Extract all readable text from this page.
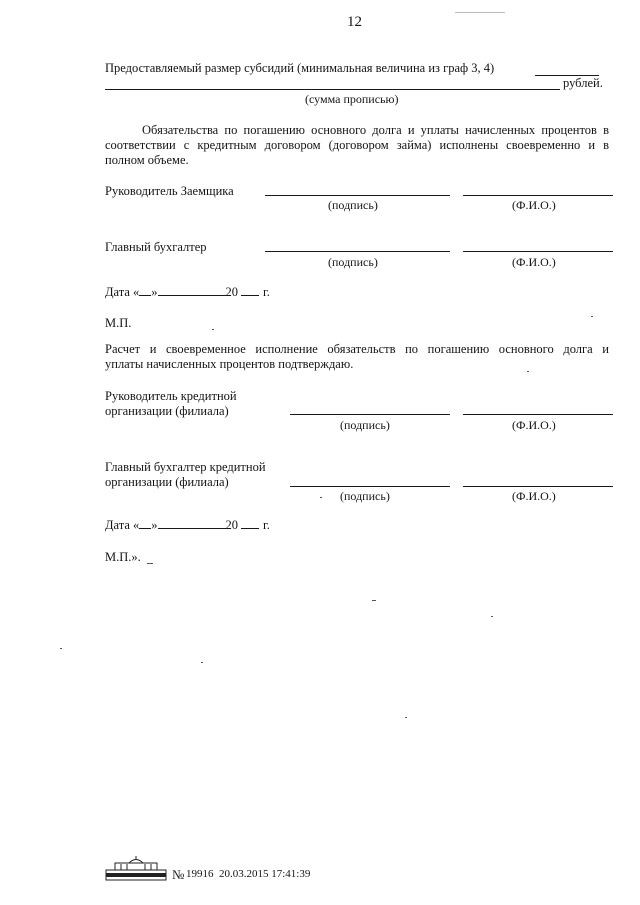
12
Предоставляемый размер субсидий (минимальная величина из граф 3, 4)
рублей.
(сумма прописью)
Обязательства по погашению основного долга и уплаты начисленных процентов в
соответствии с кредитным договором (договором займа) исполнены своевременно и в
полном объеме.
Руководитель Заемщика
(подпись)	(Ф.И.О.)
Главный бухгалтер
(подпись)	(Ф.И.О.)
Дата « »	20 г.
М.П.
Расчет и своевременное исполнение обязательств по погашению основного долга и
уплаты начисленных процентов подтверждаю.
Руководитель кредитной
организации (филиала)
(подпись)	(Ф.И.О.)
Главный бухгалтер кредитной
организации (филиала)
(подпись)	(Ф.И.О.)
Дата « »	20 г.
М.П.».
№ 19916 20.03.2015 17:41:39
